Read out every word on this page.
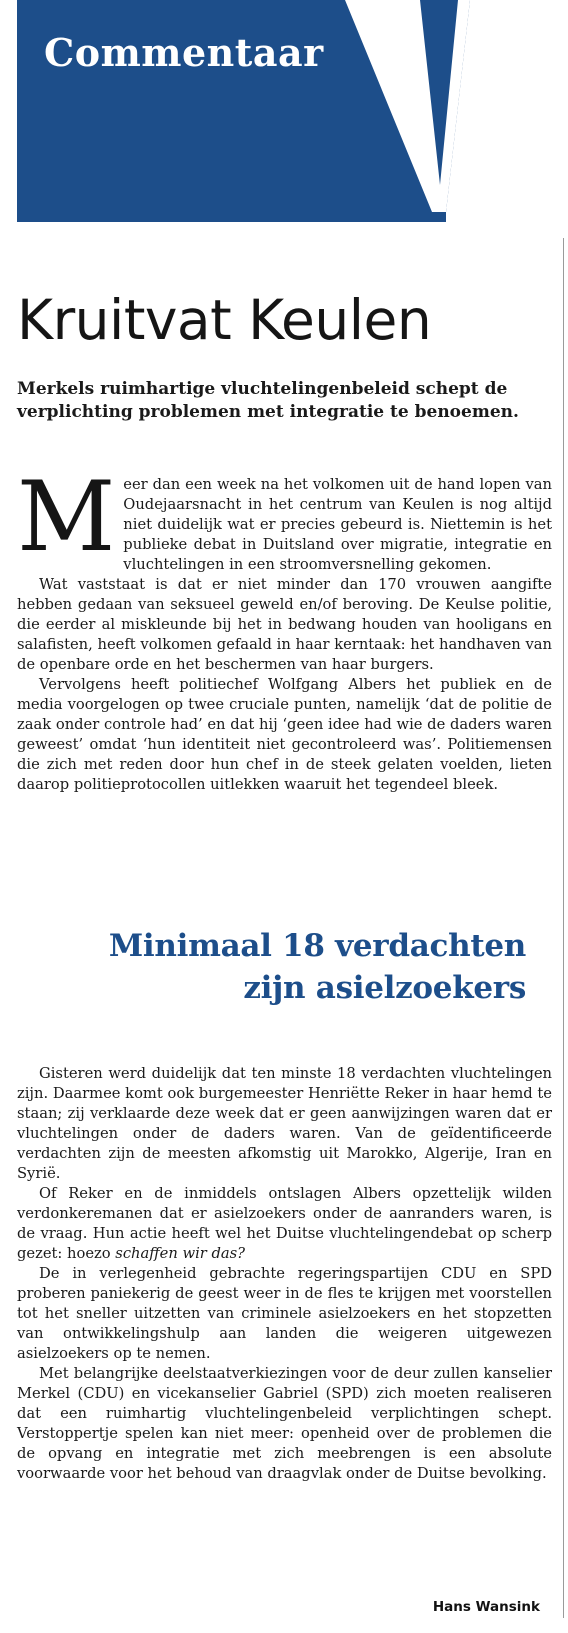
Commentaar
Kruitvat Keulen

Merkels ruimhartige vluchtelingenbeleid schept de verplichting problemen met integratie te benoemen.

Meer dan een week na het volkomen uit de hand lopen van Oudejaarsnacht in het centrum van Keulen is nog altijd niet duidelijk wat er precies gebeurd is. Niettemin is het publieke debat in Duitsland over migratie, integratie en vluchtelingen in een stroomversnelling gekomen.

Wat vaststaat is dat er niet minder dan 170 vrouwen aangifte hebben gedaan van seksueel geweld en/of beroving. De Keulse politie, die eerder al miskleunde bij het in bedwang houden van hooligans en salafisten, heeft volkomen gefaald in haar kerntaak: het handhaven van de openbare orde en het beschermen van haar burgers.

Vervolgens heeft politiechef Wolfgang Albers het publiek en de media voorgelogen op twee cruciale punten, namelijk ‘dat de politie de zaak onder controle had’ en dat hij ‘geen idee had wie de daders waren geweest’ omdat ‘hun identiteit niet gecontroleerd was’. Politiemensen die zich met reden door hun chef in de steek gelaten voelden, lieten daarop politieprotocollen uitlekken waaruit het tegendeel bleek.

Minimaal 18 verdachten
zijn asielzoekers

Gisteren werd duidelijk dat ten minste 18 verdachten vluchtelingen zijn. Daarmee komt ook burgemeester Henriëtte Reker in haar hemd te staan; zij verklaarde deze week dat er geen aanwijzingen waren dat er vluchtelingen onder de daders waren. Van de geïdentificeerde verdachten zijn de meesten afkomstig uit Marokko, Algerije, Iran en Syrië.

Of Reker en de inmiddels ontslagen Albers opzettelijk wilden verdonkeremanen dat er asielzoekers onder de aanranders waren, is de vraag. Hun actie heeft wel het Duitse vluchtelingendebat op scherp gezet: hoezo schaffen wir das?

De in verlegenheid gebrachte regeringspartijen CDU en SPD proberen paniekerig de geest weer in de fles te krijgen met voorstellen tot het sneller uitzetten van criminele asielzoekers en het stopzetten van ontwikkelingshulp aan landen die weigeren uitgewezen asielzoekers op te nemen.

Met belangrijke deelstaatverkiezingen voor de deur zullen kanselier Merkel (CDU) en vicekanselier Gabriel (SPD) zich moeten realiseren dat een ruimhartig vluchtelingenbeleid verplichtingen schept. Verstoppertje spelen kan niet meer: openheid over de problemen die de opvang en integratie met zich meebrengen is een absolute voorwaarde voor het behoud van draagvlak onder de Duitse bevolking.

Hans Wansink
